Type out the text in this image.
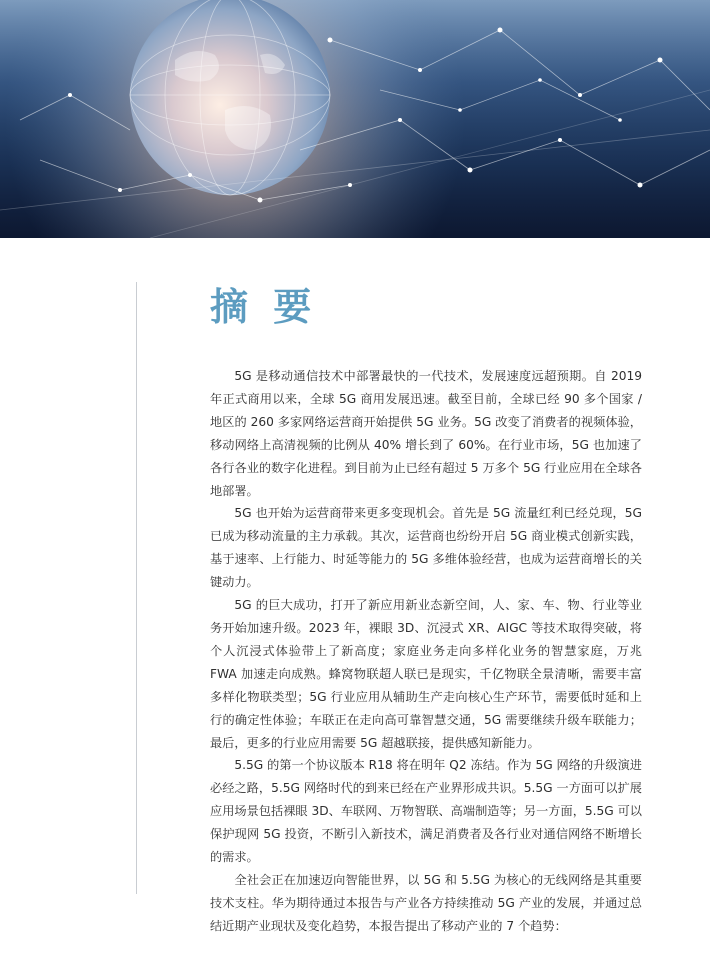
摘 要

5G 是移动通信技术中部署最快的一代技术，发展速度远超预期。自 2019 年正式商用以来，全球 5G 商用发展迅速。截至目前，全球已经 90 多个国家 / 地区的 260 多家网络运营商开始提供 5G 业务。5G 改变了消费者的视频体验，移动网络上高清视频的比例从 40% 增长到了 60%。在行业市场，5G 也加速了各行各业的数字化进程。到目前为止已经有超过 5 万多个 5G 行业应用在全球各地部署。

5G 也开始为运营商带来更多变现机会。首先是 5G 流量红利已经兑现，5G 已成为移动流量的主力承载。其次，运营商也纷纷开启 5G 商业模式创新实践，基于速率、上行能力、时延等能力的 5G 多维体验经营，也成为运营商增长的关键动力。

5G 的巨大成功，打开了新应用新业态新空间，人、家、车、物、行业等业务开始加速升级。2023 年，裸眼 3D、沉浸式 XR、AIGC 等技术取得突破，将个人沉浸式体验带上了新高度；家庭业务走向多样化业务的智慧家庭，万兆 FWA 加速走向成熟。蜂窝物联超人联已是现实，千亿物联全景清晰，需要丰富多样化物联类型；5G 行业应用从辅助生产走向核心生产环节，需要低时延和上行的确定性体验；车联正在走向高可靠智慧交通，5G 需要继续升级车联能力；最后，更多的行业应用需要 5G 超越联接，提供感知新能力。

5.5G 的第一个协议版本 R18 将在明年 Q2 冻结。作为 5G 网络的升级演进必经之路，5.5G 网络时代的到来已经在产业界形成共识。5.5G 一方面可以扩展应用场景包括裸眼 3D、车联网、万物智联、高端制造等；另一方面，5.5G 可以保护现网 5G 投资，不断引入新技术，满足消费者及各行业对通信网络不断增长的需求。

全社会正在加速迈向智能世界，以 5G 和 5.5G 为核心的无线网络是其重要技术支柱。华为期待通过本报告与产业各方持续推动 5G 产业的发展，并通过总结近期产业现状及变化趋势，本报告提出了移动产业的 7 个趋势：
